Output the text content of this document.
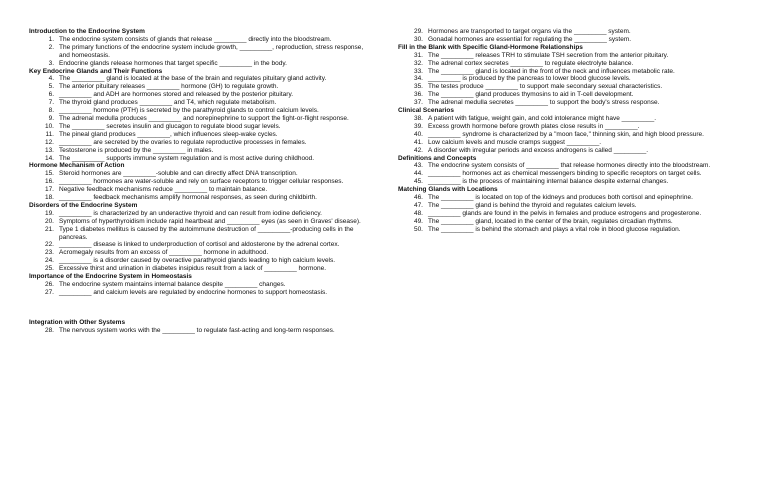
Introduction to the Endocrine System
1. The endocrine system consists of glands that release _________ directly into the bloodstream.
2. The primary functions of the endocrine system include growth, _________, reproduction, stress response, and homeostasis.
3. Endocrine glands release hormones that target specific _________ in the body.
Key Endocrine Glands and Their Functions
4. The _________ gland is located at the base of the brain and regulates pituitary gland activity.
5. The anterior pituitary releases _________ hormone (GH) to regulate growth.
6. _________ and ADH are hormones stored and released by the posterior pituitary.
7. The thyroid gland produces _________ and T4, which regulate metabolism.
8. _________ hormone (PTH) is secreted by the parathyroid glands to control calcium levels.
9. The adrenal medulla produces _________ and norepinephrine to support the fight-or-flight response.
10. The _________ secretes insulin and glucagon to regulate blood sugar levels.
11. The pineal gland produces _________, which influences sleep-wake cycles.
12. _________ are secreted by the ovaries to regulate reproductive processes in females.
13. Testosterone is produced by the _________ in males.
14. The _________ supports immune system regulation and is most active during childhood.
Hormone Mechanism of Action
15. Steroid hormones are _________-soluble and can directly affect DNA transcription.
16. _________ hormones are water-soluble and rely on surface receptors to trigger cellular responses.
17. Negative feedback mechanisms reduce _________ to maintain balance.
18. _________ feedback mechanisms amplify hormonal responses, as seen during childbirth.
Disorders of the Endocrine System
19. _________ is characterized by an underactive thyroid and can result from iodine deficiency.
20. Symptoms of hyperthyroidism include rapid heartbeat and _________ eyes (as seen in Graves' disease).
21. Type 1 diabetes mellitus is caused by the autoimmune destruction of _________-producing cells in the pancreas.
22. _________ disease is linked to underproduction of cortisol and aldosterone by the adrenal cortex.
23. Acromegaly results from an excess of _________ hormone in adulthood.
24. _________ is a disorder caused by overactive parathyroid glands leading to high calcium levels.
25. Excessive thirst and urination in diabetes insipidus result from a lack of _________ hormone.
Importance of the Endocrine System in Homeostasis
26. The endocrine system maintains internal balance despite _________ changes.
27. _________ and calcium levels are regulated by endocrine hormones to support homeostasis.
Integration with Other Systems
28. The nervous system works with the _________ to regulate fast-acting and long-term responses.
29. Hormones are transported to target organs via the _________ system.
30. Gonadal hormones are essential for regulating the _________ system.
Fill in the Blank with Specific Gland-Hormone Relationships
31. The _________ releases TRH to stimulate TSH secretion from the anterior pituitary.
32. The adrenal cortex secretes _________ to regulate electrolyte balance.
33. The _________ gland is located in the front of the neck and influences metabolic rate.
34. _________ is produced by the pancreas to lower blood glucose levels.
35. The testes produce _________ to support male secondary sexual characteristics.
36. The _________ gland produces thymosins to aid in T-cell development.
37. The adrenal medulla secretes _________ to support the body's stress response.
Clinical Scenarios
38. A patient with fatigue, weight gain, and cold intolerance might have _________.
39. Excess growth hormone before growth plates close results in _________.
40. _________ syndrome is characterized by a "moon face," thinning skin, and high blood pressure.
41. Low calcium levels and muscle cramps suggest _________.
42. A disorder with irregular periods and excess androgens is called _________.
Definitions and Concepts
43. The endocrine system consists of _________ that release hormones directly into the bloodstream.
44. _________ hormones act as chemical messengers binding to specific receptors on target cells.
45. _________ is the process of maintaining internal balance despite external changes.
Matching Glands with Locations
46. The _________ is located on top of the kidneys and produces both cortisol and epinephrine.
47. The _________ gland is behind the thyroid and regulates calcium levels.
48. _________ glands are found in the pelvis in females and produce estrogens and progesterone.
49. The _________ gland, located in the center of the brain, regulates circadian rhythms.
50. The _________ is behind the stomach and plays a vital role in blood glucose regulation.
